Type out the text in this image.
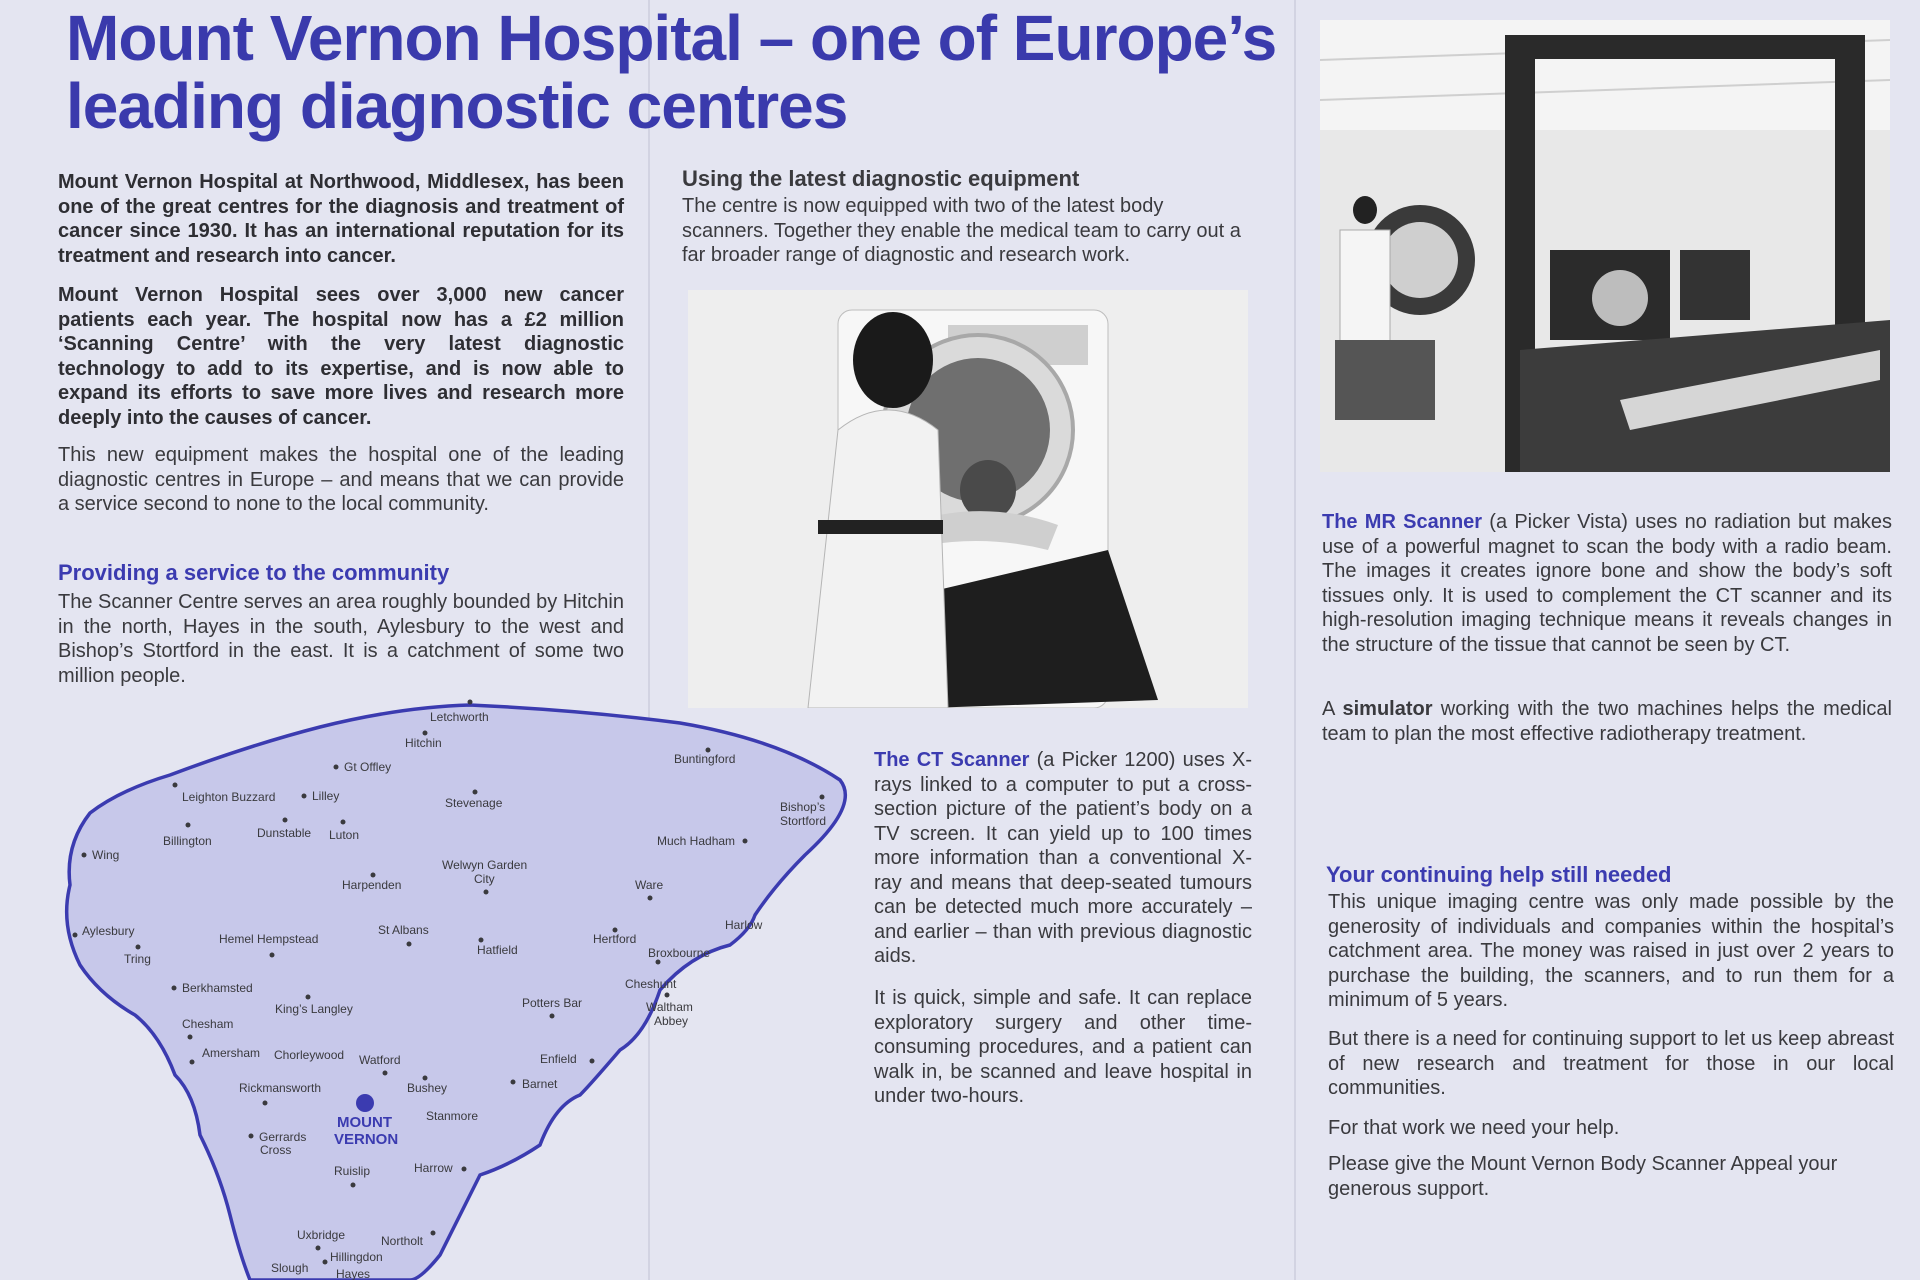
Mount Vernon Hospital – one of Europe’s leading diagnostic centres

Mount Vernon Hospital at Northwood, Middlesex, has been one of the great centres for the diagnosis and treatment of cancer since 1930. It has an international reputation for its treatment and research into cancer.

Mount Vernon Hospital sees over 3,000 new cancer patients each year. The hospital now has a £2 million ‘Scanning Centre’ with the very latest diagnostic technology to add to its expertise, and is now able to expand its efforts to save more lives and research more deeply into the causes of cancer.

This new equipment makes the hospital one of the leading diagnostic centres in Europe – and means that we can provide a service second to none to the local community.

Providing a service to the community

The Scanner Centre serves an area roughly bounded by Hitchin in the north, Hayes in the south, Aylesbury to the west and Bishop’s Stortford in the east. It is a catchment of some two million people.

Using the latest diagnostic equipment

The centre is now equipped with two of the latest body scanners. Together they enable the medical team to carry out a far broader range of diagnostic and research work.

The CT Scanner (a Picker 1200) uses X-rays linked to a computer to put a cross-section picture of the patient’s body on a TV screen. It can yield up to 100 times more information than a conventional X-ray and means that deep-seated tumours can be detected much more accurately – and earlier – than with previous diagnostic aids.

It is quick, simple and safe. It can replace exploratory surgery and other time-consuming procedures, and a patient can walk in, be scanned and leave hospital in under two-hours.

The MR Scanner (a Picker Vista) uses no radiation but makes use of a powerful magnet to scan the body with a radio beam. The images it creates ignore bone and show the body’s soft tissues only. It is used to complement the CT scanner and its high-resolution imaging technique means it reveals changes in the structure of the tissue that cannot be seen by CT.

A simulator working with the two machines helps the medical team to plan the most effective radiotherapy treatment.

Your continuing help still needed

This unique imaging centre was only made possible by the generosity of individuals and companies within the hospital’s catchment area. The money was raised in just over 2 years to purchase the building, the scanners, and to run them for a minimum of 5 years.

But there is a need for continuing support to let us keep abreast of new research and treatment for those in our local communities.

For that work we need your help.

Please give the Mount Vernon Body Scanner Appeal your generous support.

Letchworth
Hitchin
Gt Offley
Buntingford
Leighton Buzzard	Lilley	Stevenage	Bishop’s
Stortford
Billington
Dunstable Luton	Much Hadham
Wing
Welwyn Garden
City
Harpenden	Ware
Aylesbury
Tring
Hemel Hempstead
St Albans
Hatfield
Hertford
Harlow
Broxbourne
Berkhamsted	Cheshunt
King’s Langley	Potters Bar	Waltham
Abbey
Chesham
Amersham Chorleywood Watford	Enfield
Bushey	Barnet
Rickmansworth
Stanmore
Gerrards
Cross
Ruislip	Harrow
Uxbridge	Northolt
Hillingdon
Slough Hayes
MOUNT
VERNON
